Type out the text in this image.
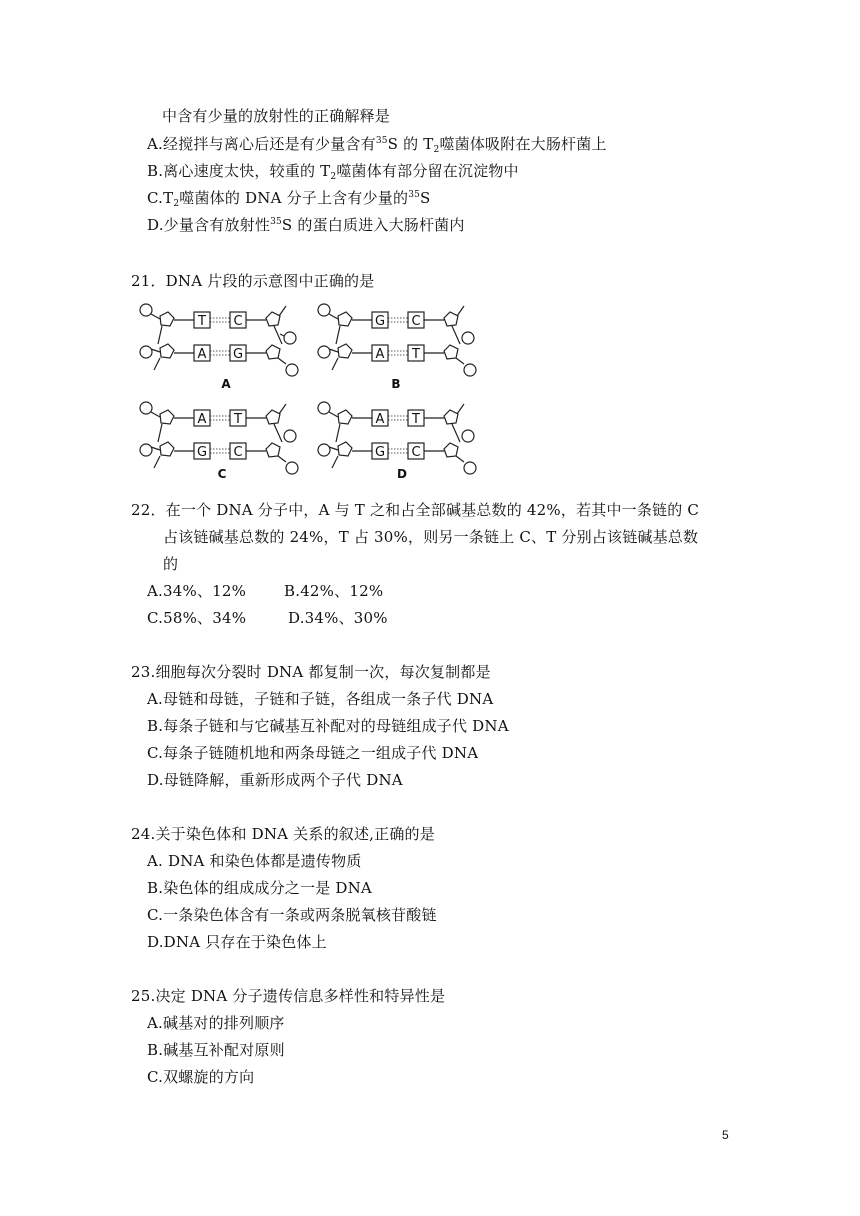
中含有少量的放射性的正确解释是
A.经搅拌与离心后还是有少量含有$^{35}$S 的 $T_2$噬菌体吸附在大肠杆菌上
B.离心速度太快，较重的 $T_2$噬菌体有部分留在沉淀物中
$C.T_2$噬菌体的 DNA 分子上含有少量的$^{35}$S
D.少量含有放射性$^{35}$S 的蛋白质进入大肠杆菌内
21．DNA 片段的示意图中正确的是
T C
A G
G C
A T
A T
G C
A T
G C
A	B
C	D
22．在一个 DNA 分子中，A 与 T 之和占全部碱基总数的 42%，若其中一条链的 C
占该链碱基总数的 24%，T 占 30%，则另一条链上 C、T 分别占该链碱基总数
的
A.34%、12%	B.42%、12%
C.58%、34%	D.34%、30%
23.细胞每次分裂时 DNA 都复制一次，每次复制都是
A.母链和母链，子链和子链，各组成一条子代 DNA
B.每条子链和与它碱基互补配对的母链组成子代 DNA
C.每条子链随机地和两条母链之一组成子代 DNA
D.母链降解，重新形成两个子代 DNA
24.关于染色体和 DNA 关系的叙述,正确的是
A. DNA 和染色体都是遗传物质
B.染色体的组成成分之一是 DNA
C.一条染色体含有一条或两条脱氧核苷酸链
D.DNA 只存在于染色体上
25.决定 DNA 分子遗传信息多样性和特异性是
A.碱基对的排列顺序
B.碱基互补配对原则
C.双螺旋的方向
5
